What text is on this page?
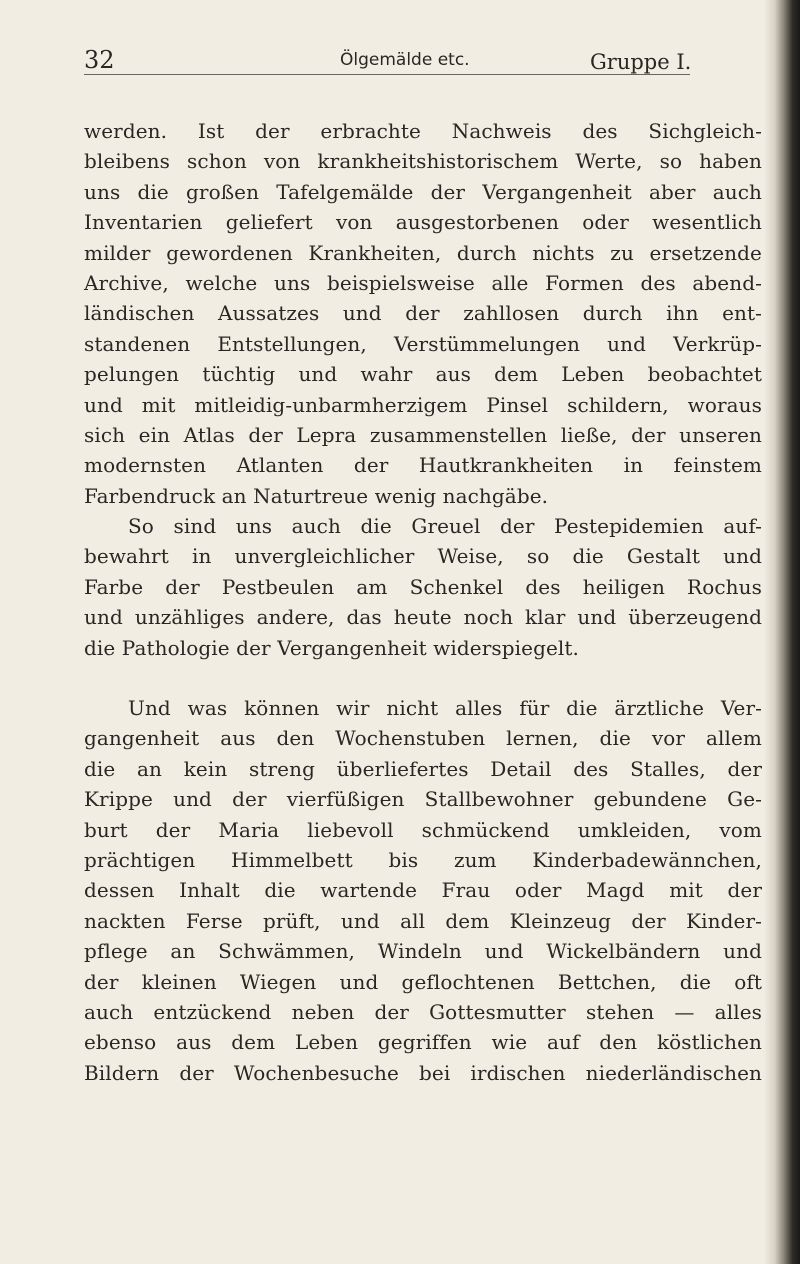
32	Ölgemälde etc.	Gruppe I.
werden. Ist der erbrachte Nachweis des Sichgleich-
bleibens schon von krankheitshistorischem Werte, so haben
uns die großen Tafelgemälde der Vergangenheit aber auch
Inventarien geliefert von ausgestorbenen oder wesentlich
milder gewordenen Krankheiten, durch nichts zu ersetzende
Archive, welche uns beispielsweise alle Formen des abend-
ländischen Aussatzes und der zahllosen durch ihn ent-
standenen Entstellungen, Verstümmelungen und Verkrüp-
pelungen tüchtig und wahr aus dem Leben beobachtet
und mit mitleidig-unbarmherzigem Pinsel schildern, woraus
sich ein Atlas der Lepra zusammenstellen ließe, der unseren
modernsten Atlanten der Hautkrankheiten in feinstem
Farbendruck an Naturtreue wenig nachgäbe.
So sind uns auch die Greuel der Pestepidemien auf-
bewahrt in unvergleichlicher Weise, so die Gestalt und
Farbe der Pestbeulen am Schenkel des heiligen Rochus
und unzähliges andere, das heute noch klar und überzeugend
die Pathologie der Vergangenheit widerspiegelt.
Und was können wir nicht alles für die ärztliche Ver-
gangenheit aus den Wochenstuben lernen, die vor allem
die an kein streng überliefertes Detail des Stalles, der
Krippe und der vierfüßigen Stallbewohner gebundene Ge-
burt der Maria liebevoll schmückend umkleiden, vom
prächtigen Himmelbett bis zum Kinderbadewännchen,
dessen Inhalt die wartende Frau oder Magd mit der
nackten Ferse prüft, und all dem Kleinzeug der Kinder-
pflege an Schwämmen, Windeln und Wickelbändern und
der kleinen Wiegen und geflochtenen Bettchen, die oft
auch entzückend neben der Gottesmutter stehen — alles
ebenso aus dem Leben gegriffen wie auf den köstlichen
Bildern der Wochenbesuche bei irdischen niederländischen
